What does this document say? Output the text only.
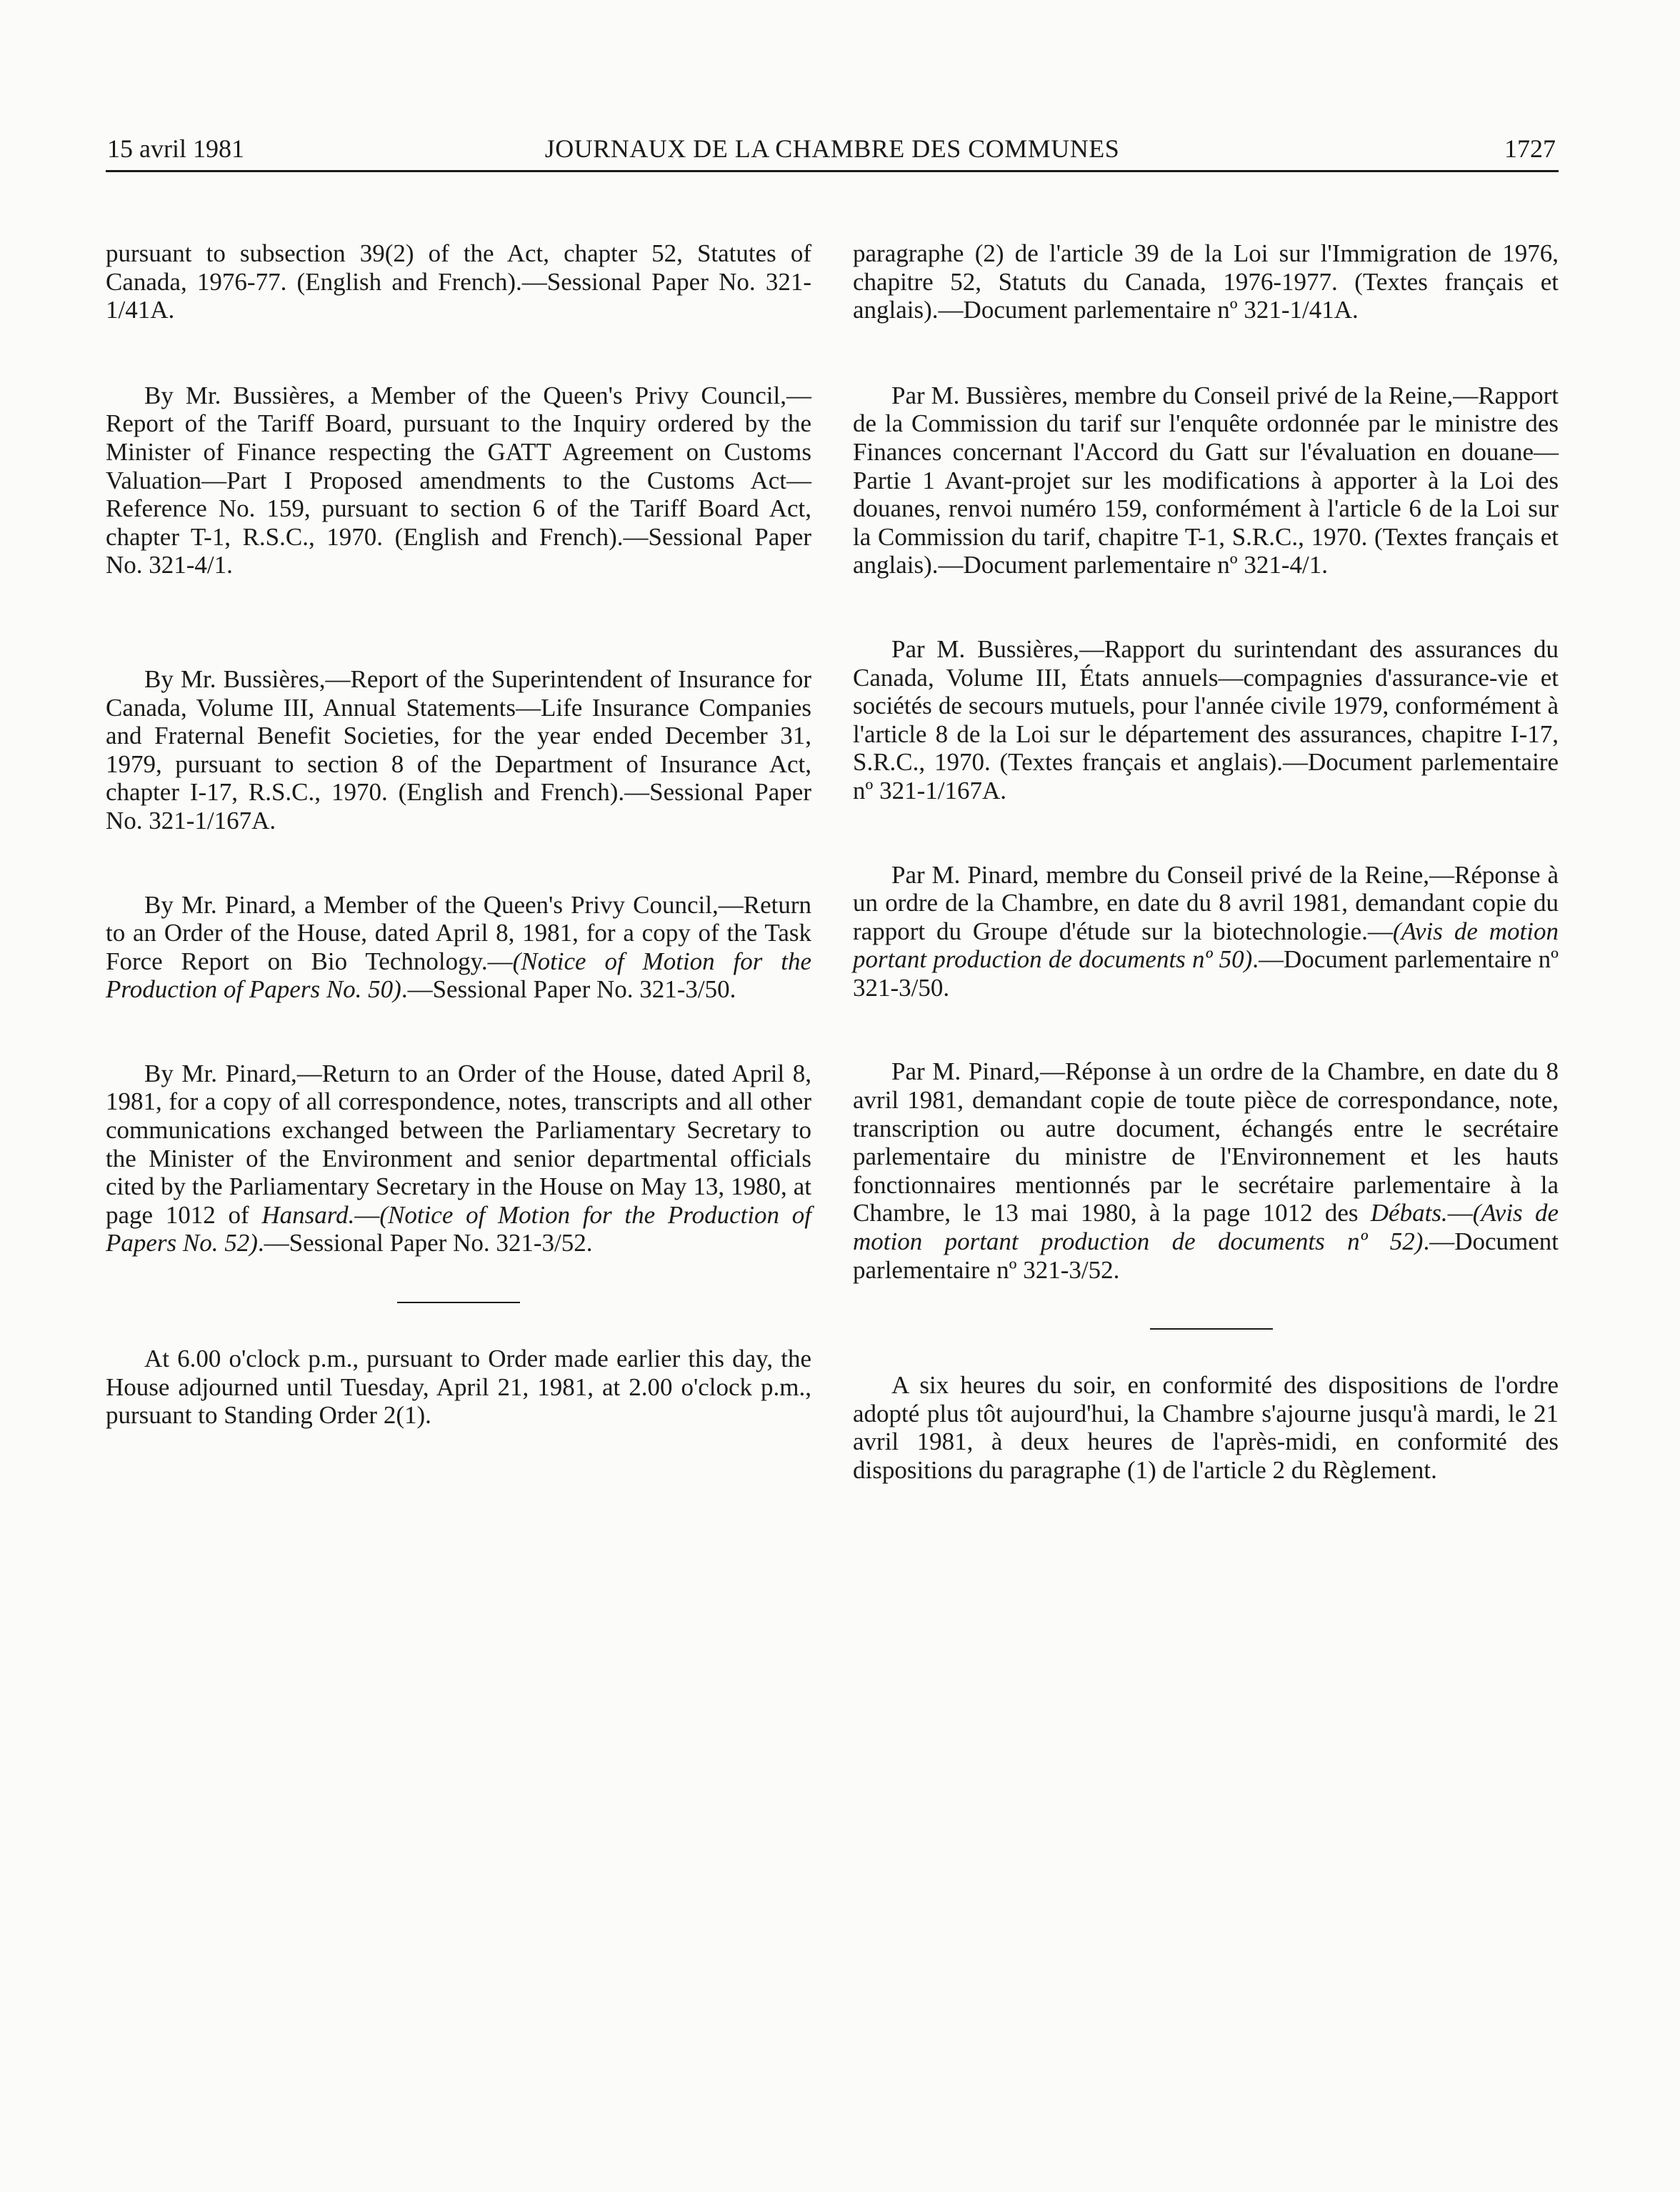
15 avril 1981	JOURNAUX DE LA CHAMBRE DES COMMUNES	1727

pursuant to subsection 39(2) of the Act, chapter 52, Statutes of Canada, 1976-77. (English and French).—Sessional Paper No. 321-1/41A.

By Mr. Bussières, a Member of the Queen's Privy Council,—Report of the Tariff Board, pursuant to the Inquiry ordered by the Minister of Finance respecting the GATT Agreement on Customs Valuation—Part I Proposed amendments to the Customs Act—Reference No. 159, pursuant to section 6 of the Tariff Board Act, chapter T-1, R.S.C., 1970. (English and French).—Sessional Paper No. 321-4/1.

By Mr. Bussières,—Report of the Superintendent of Insurance for Canada, Volume III, Annual Statements—Life Insurance Companies and Fraternal Benefit Societies, for the year ended December 31, 1979, pursuant to section 8 of the Department of Insurance Act, chapter I-17, R.S.C., 1970. (English and French).—Sessional Paper No. 321-1/167A.

By Mr. Pinard, a Member of the Queen's Privy Council,—Return to an Order of the House, dated April 8, 1981, for a copy of the Task Force Report on Bio Technology.—(Notice of Motion for the Production of Papers No. 50).—Sessional Paper No. 321-3/50.

By Mr. Pinard,—Return to an Order of the House, dated April 8, 1981, for a copy of all correspondence, notes, transcripts and all other communications exchanged between the Parliamentary Secretary to the Minister of the Environment and senior departmental officials cited by the Parliamentary Secretary in the House on May 13, 1980, at page 1012 of Hansard.—(Notice of Motion for the Production of Papers No. 52).—Sessional Paper No. 321-3/52.

At 6.00 o'clock p.m., pursuant to Order made earlier this day, the House adjourned until Tuesday, April 21, 1981, at 2.00 o'clock p.m., pursuant to Standing Order 2(1).

paragraphe (2) de l'article 39 de la Loi sur l'Immigration de 1976, chapitre 52, Statuts du Canada, 1976-1977. (Textes français et anglais).—Document parlementaire nº 321-1/41A.

Par M. Bussières, membre du Conseil privé de la Reine,—Rapport de la Commission du tarif sur l'enquête ordonnée par le ministre des Finances concernant l'Accord du Gatt sur l'évaluation en douane— Partie 1 Avant-projet sur les modifications à apporter à la Loi des douanes, renvoi numéro 159, conformément à l'article 6 de la Loi sur la Commission du tarif, chapitre T-1, S.R.C., 1970. (Textes français et anglais).—Document parlementaire nº 321-4/1.

Par M. Bussières,—Rapport du surintendant des assurances du Canada, Volume III, États annuels—compagnies d'assurance-vie et sociétés de secours mutuels, pour l'année civile 1979, conformément à l'article 8 de la Loi sur le département des assurances, chapitre I-17, S.R.C., 1970. (Textes français et anglais).—Document parlementaire nº 321-1/167A.

Par M. Pinard, membre du Conseil privé de la Reine,—Réponse à un ordre de la Chambre, en date du 8 avril 1981, demandant copie du rapport du Groupe d'étude sur la biotechnologie.—(Avis de motion portant production de documents nº 50).—Document parlementaire nº 321-3/50.

Par M. Pinard,—Réponse à un ordre de la Chambre, en date du 8 avril 1981, demandant copie de toute pièce de correspondance, note, transcription ou autre document, échangés entre le secrétaire parlementaire du ministre de l'Environnement et les hauts fonctionnaires mentionnés par le secrétaire parlementaire à la Chambre, le 13 mai 1980, à la page 1012 des Débats.—(Avis de motion portant production de documents nº 52).—Document parlementaire nº 321-3/52.

A six heures du soir, en conformité des dispositions de l'ordre adopté plus tôt aujourd'hui, la Chambre s'ajourne jusqu'à mardi, le 21 avril 1981, à deux heures de l'après-midi, en conformité des dispositions du paragraphe (1) de l'article 2 du Règlement.
